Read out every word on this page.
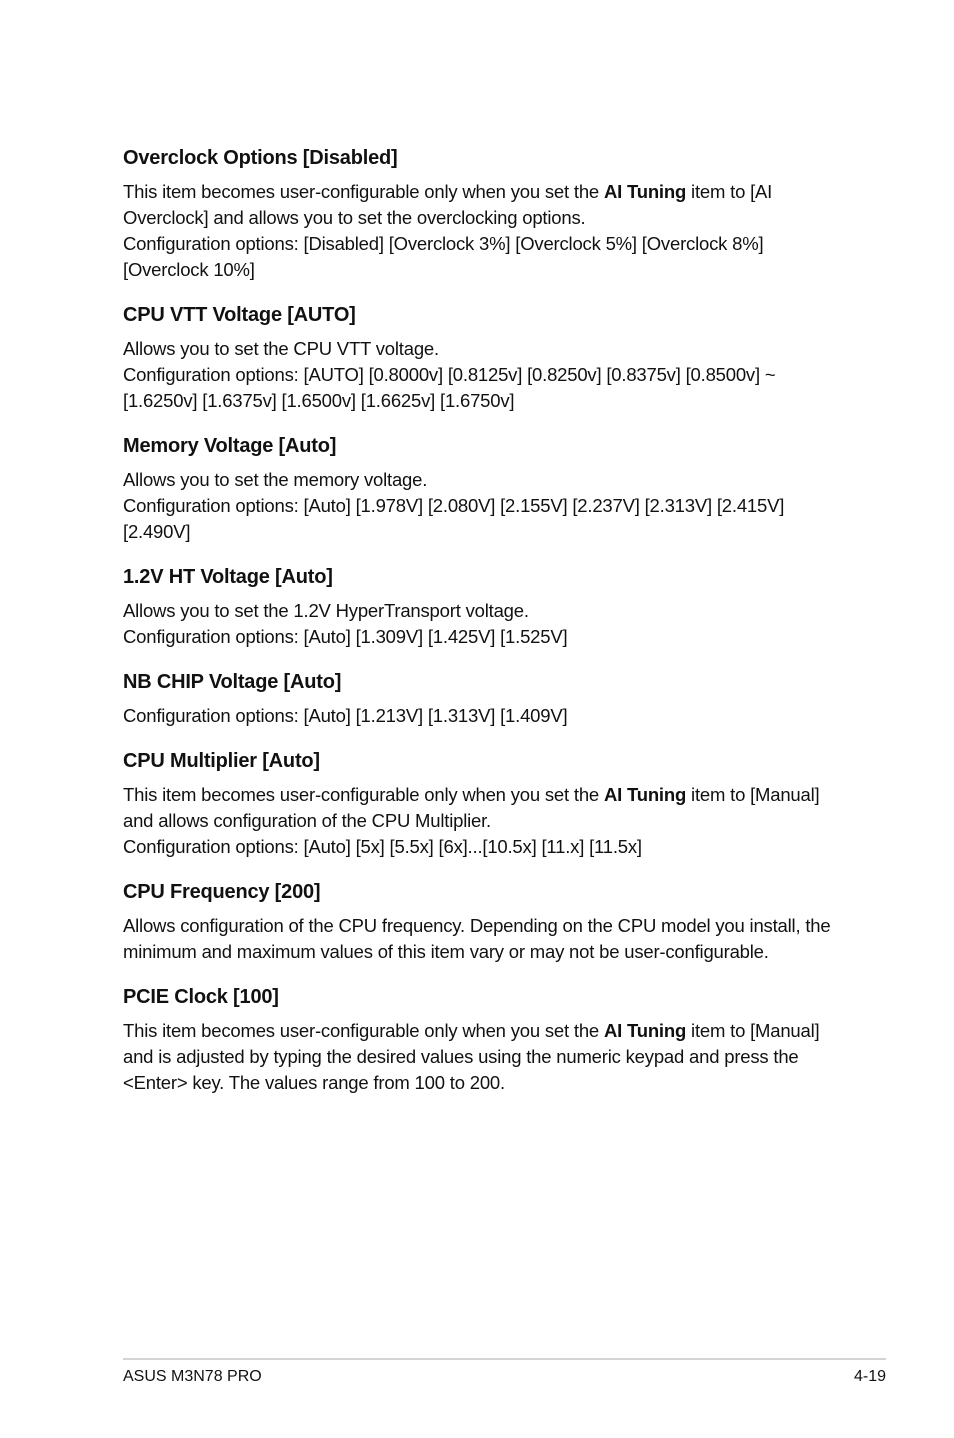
Overclock Options [Disabled]

This item becomes user-configurable only when you set the AI Tuning item to [AI Overclock] and allows you to set the overclocking options.

Configuration options: [Disabled] [Overclock 3%] [Overclock 5%] [Overclock 8%] [Overclock 10%]

CPU VTT Voltage [AUTO]

Allows you to set the CPU VTT voltage.

Configuration options: [AUTO] [0.8000v] [0.8125v] [0.8250v] [0.8375v] [0.8500v] ~ [1.6250v] [1.6375v] [1.6500v] [1.6625v] [1.6750v]

Memory Voltage [Auto]

Allows you to set the memory voltage.

Configuration options: [Auto] [1.978V] [2.080V] [2.155V] [2.237V] [2.313V] [2.415V] [2.490V]

1.2V HT Voltage [Auto]

Allows you to set the 1.2V HyperTransport voltage.

Configuration options: [Auto] [1.309V] [1.425V] [1.525V]

NB CHIP Voltage [Auto]

Configuration options: [Auto] [1.213V] [1.313V] [1.409V]

CPU Multiplier [Auto]

This item becomes user-configurable only when you set the AI Tuning item to [Manual] and allows configuration of the CPU Multiplier.

Configuration options: [Auto] [5x] [5.5x] [6x]...[10.5x] [11.x] [11.5x]

CPU Frequency [200]

Allows configuration of the CPU frequency. Depending on the CPU model you install, the minimum and maximum values of this item vary or may not be user-configurable.

PCIE Clock [100]

This item becomes user-configurable only when you set the AI Tuning item to [Manual] and is adjusted by typing the desired values using the numeric keypad and press the <Enter> key. The values range from 100 to 200.

ASUS M3N78 PRO	4-19
